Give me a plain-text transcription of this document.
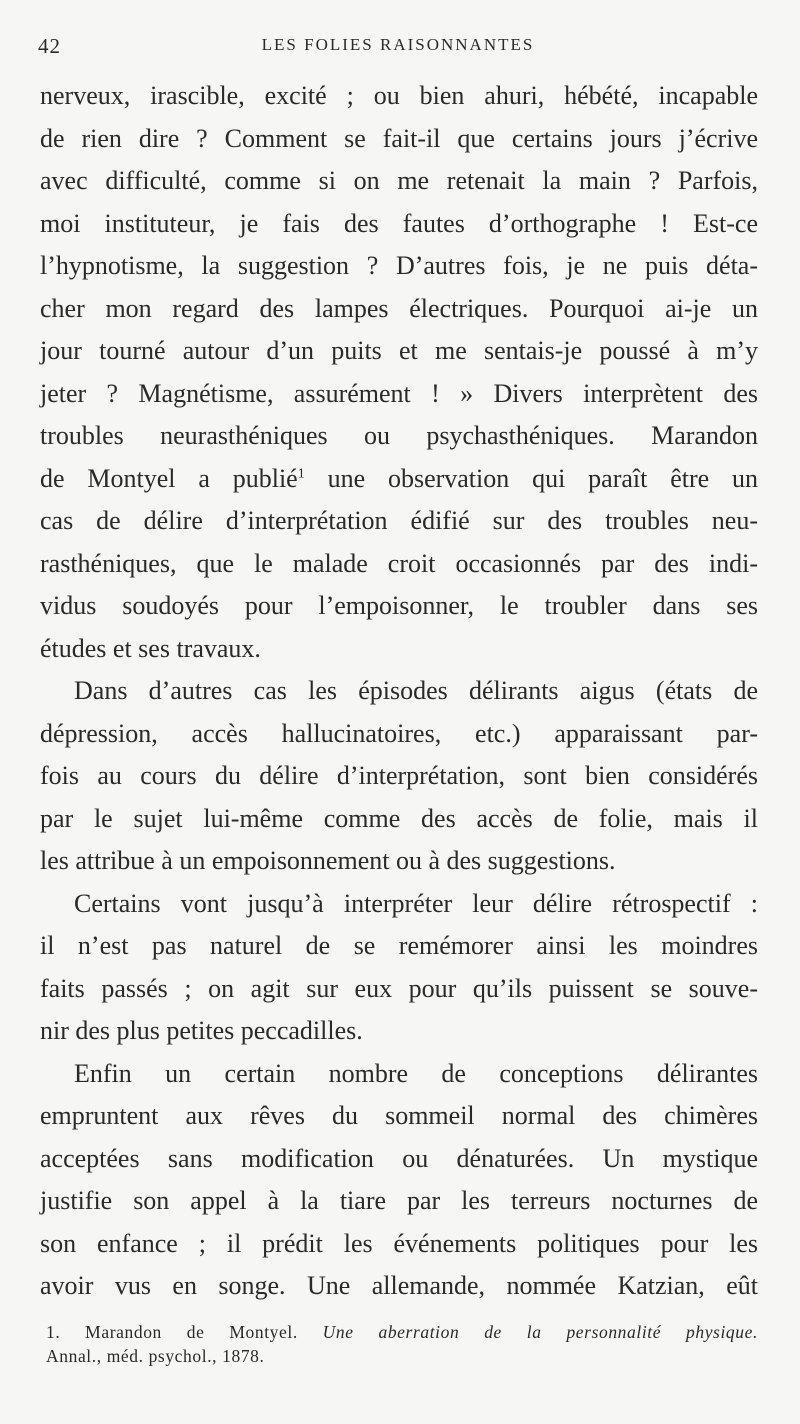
42	LES FOLIES RAISONNANTES
nerveux, irascible, excité ; ou bien ahuri, hébété, incapable
de rien dire ? Comment se fait-il que certains jours j’écrive
avec difficulté, comme si on me retenait la main ? Parfois,
moi instituteur, je fais des fautes d’orthographe ! Est-ce
l’hypnotisme, la suggestion ? D’autres fois, je ne puis déta-
cher mon regard des lampes électriques. Pourquoi ai-je un
jour tourné autour d’un puits et me sentais-je poussé à m’y
jeter ? Magnétisme, assurément ! » Divers interprètent des
troubles neurasthéniques ou psychasthéniques. Marandon
de Montyel a publié$^1$ une observation qui paraît être un
cas de délire d’interprétation édifié sur des troubles neu-
rasthéniques, que le malade croit occasionnés par des indi-
vidus soudoyés pour l’empoisonner, le troubler dans ses
études et ses travaux.
Dans d’autres cas les épisodes délirants aigus (états de
dépression, accès hallucinatoires, etc.) apparaissant par-
fois au cours du délire d’interprétation, sont bien considérés
par le sujet lui-même comme des accès de folie, mais il
les attribue à un empoisonnement ou à des suggestions.
Certains vont jusqu’à interpréter leur délire rétrospectif :
il n’est pas naturel de se remémorer ainsi les moindres
faits passés ; on agit sur eux pour qu’ils puissent se souve-
nir des plus petites peccadilles.
Enfin un certain nombre de conceptions délirantes
empruntent aux rêves du sommeil normal des chimères
acceptées sans modification ou dénaturées. Un mystique
justifie son appel à la tiare par les terreurs nocturnes de
son enfance ; il prédit les événements politiques pour les
avoir vus en songe. Une allemande, nommée Katzian, eût
1. Marandon de Montyel. Une aberration de la personnalité physique.
Annal., méd. psychol., 1878.
